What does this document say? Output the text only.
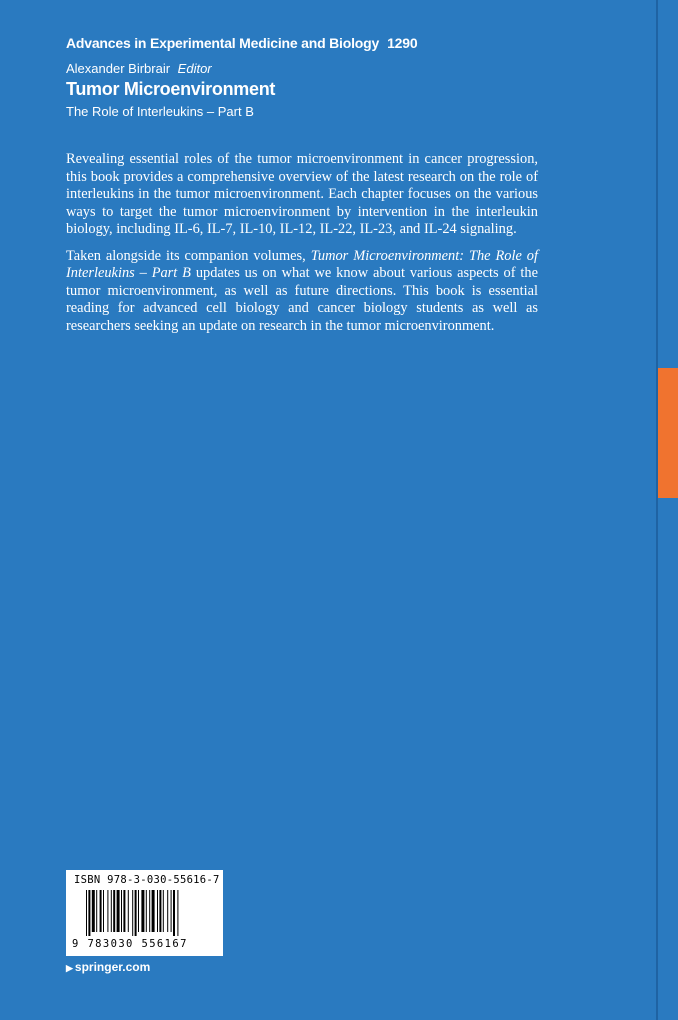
Advances in Experimental Medicine and Biology 1290
Alexander Birbrair Editor
Tumor Microenvironment
The Role of Interleukins – Part B

Revealing essential roles of the tumor microenvironment in cancer progression, this book provides a comprehensive overview of the latest research on the role of interleukins in the tumor microenvironment. Each chapter focuses on the various ways to target the tumor microenvironment by intervention in the interleukin biology, including IL-6, IL-7, IL-10, IL-12, IL-22, IL-23, and IL-24 signaling.

Taken alongside its companion volumes, Tumor Microenvironment: The Role of Interleukins – Part B updates us on what we know about various aspects of the tumor microenvironment, as well as future directions. This book is essential reading for advanced cell biology and cancer biology students as well as researchers seeking an update on research in the tumor microenvironment.

ISBN 978-3-030-55616-7
9 783030 556167
▶ springer.com
